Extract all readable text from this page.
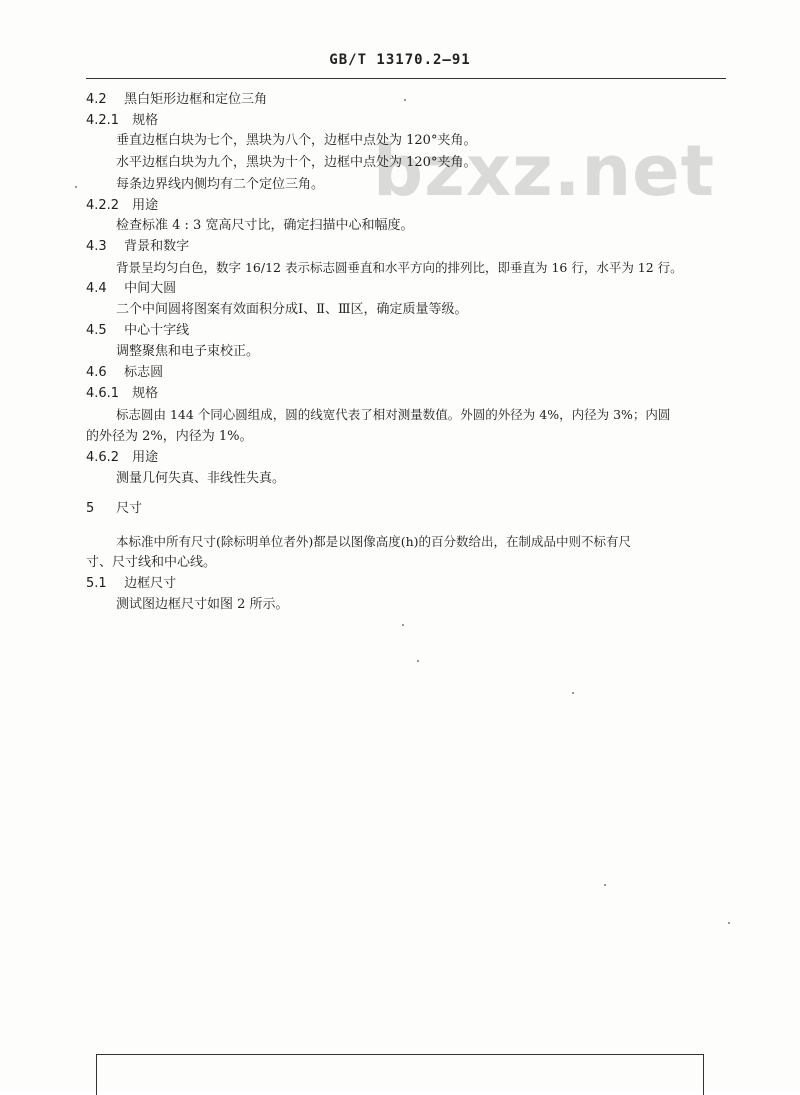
GB/T 13170.2—91
bzxz.net
4.2 黑白矩形边框和定位三角
4.2.1 规格
垂直边框白块为七个，黑块为八个，边框中点处为 120°夹角。
水平边框白块为九个，黑块为十个，边框中点处为 120°夹角。
每条边界线内侧均有二个定位三角。
4.2.2 用途
检查标准 4 : 3 宽高尺寸比，确定扫描中心和幅度。
4.3 背景和数字
背景呈均匀白色，数字 16/12 表示标志圆垂直和水平方向的排列比，即垂直为 16 行，水平为 12 行。
4.4 中间大圆
二个中间圆将图案有效面积分成Ⅰ、Ⅱ、Ⅲ区，确定质量等级。
4.5 中心十字线
调整聚焦和电子束校正。
4.6 标志圆
4.6.1 规格
标志圆由 144 个同心圆组成，圆的线宽代表了相对测量数值。外圆的外径为 4%，内径为 3%；内圆
的外径为 2%，内径为 1%。
4.6.2 用途
测量几何失真、非线性失真。
5 尺寸
本标准中所有尺寸(除标明单位者外)都是以图像高度(h)的百分数给出，在制成品中则不标有尺
寸、尺寸线和中心线。
5.1 边框尺寸
测试图边框尺寸如图 2 所示。
